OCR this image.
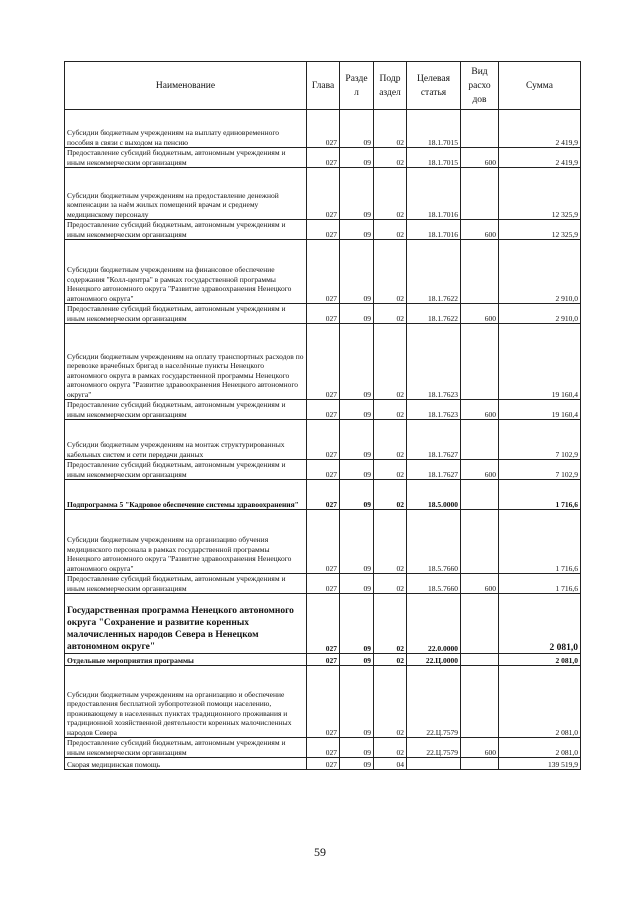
Наименование	Глава	Разде л	Подр аздел	Целевая статья	Вид расхо дов	Сумма
Субсидии бюджетным учреждениям на выплату единовременного пособия в связи с выходом на пенсию	027	09	02	18.1.7015		2 419,9
Предоставление субсидий бюджетным, автономным учреждениям и иным некоммерческим организациям	027	09	02	18.1.7015	600	2 419,9
Субсидии бюджетным учреждениям на предоставление денежной компенсации за наём жилых помещений врачам и среднему медицинскому персоналу	027	09	02	18.1.7016		12 325,9
Предоставление субсидий бюджетным, автономным учреждениям и иным некоммерческим организациям	027	09	02	18.1.7016	600	12 325,9
Субсидии бюджетным учреждениям на финансовое обеспечение содержания "Колл-центра" в рамках государственной программы Ненецкого автономного округа "Развитие здравоохранения Ненецкого автономного округа"	027	09	02	18.1.7622		2 910,0
Предоставление субсидий бюджетным, автономным учреждениям и иным некоммерческим организациям	027	09	02	18.1.7622	600	2 910,0
Субсидии бюджетным учреждениям на оплату транспортных расходов по перевозке врачебных бригад в населённые пункты Ненецкого автономного округа в рамках государственной программы Ненецкого автономного округа "Развитие здравоохранения Ненецкого автономного округа"	027	09	02	18.1.7623		19 160,4
Предоставление субсидий бюджетным, автономным учреждениям и иным некоммерческим организациям	027	09	02	18.1.7623	600	19 160,4
Субсидии бюджетным учреждениям на монтаж структурированных кабельных систем и сети передачи данных	027	09	02	18.1.7627		7 102,9
Предоставление субсидий бюджетным, автономным учреждениям и иным некоммерческим организациям	027	09	02	18.1.7627	600	7 102,9
Подпрограмма 5 "Кадровое обеспечение системы здравоохранения"	027	09	02	18.5.0000		1 716,6
Субсидии бюджетным учреждениям на организацию обучения медицинского персонала в рамках государственной программы Ненецкого автономного округа "Развитие здравоохранения Ненецкого автономного округа"	027	09	02	18.5.7660		1 716,6
Предоставление субсидий бюджетным, автономным учреждениям и иным некоммерческим организациям	027	09	02	18.5.7660	600	1 716,6
Государственная программа Ненецкого автономного округа "Сохранение и развитие коренных малочисленных народов Севера в Ненецком автономном округе"	027	09	02	22.0.0000		2 081,0
Отдельные мероприятия программы	027	09	02	22.Ц.0000		2 081,0
Субсидии бюджетным учреждениям на организацию и обеспечение предоставления бесплатной зубопротезной помощи населению, проживающему в населенных пунктах традиционного проживания и традиционной хозяйственной деятельности коренных малочисленных народов Севера	027	09	02	22.Ц.7579		2 081,0
Предоставление субсидий бюджетным, автономным учреждениям и иным некоммерческим организациям	027	09	02	22.Ц.7579	600	2 081,0
Скорая медицинская помощь	027	09	04			139 519,9
59
